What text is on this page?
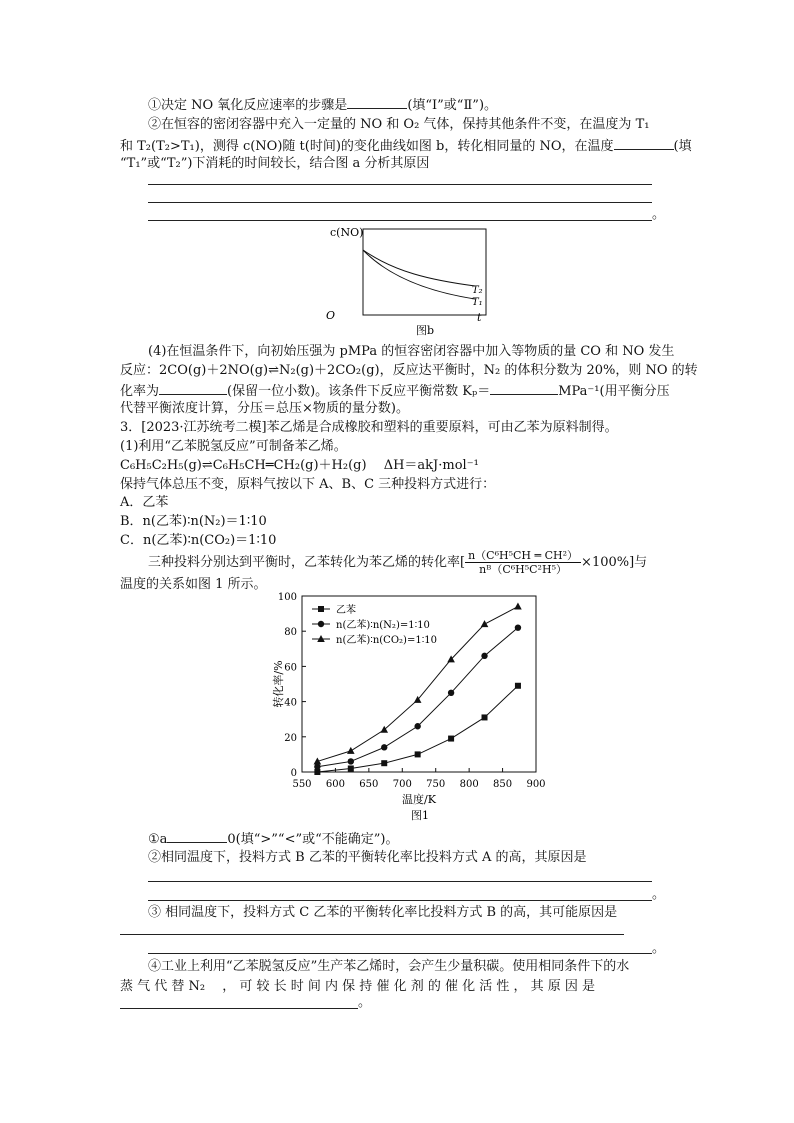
①决定 NO 氧化反应速率的步骤是	(填“Ⅰ”或“Ⅱ”)。
②在恒容的密闭容器中充入一定量的 NO 和 O₂ 气体，保持其他条件不变，在温度为 T₁
和 T₂(T₂>T₁)，测得 c(NO)随 t(时间)的变化曲线如图 b，转化相同量的 NO，在温度	(填
“T₁”或“T₂”)下消耗的时间较长，结合图 a 分析其原因
。
c(NO)
t
O
T₂
T₁
图b
(4)在恒温条件下，向初始压强为 pMPa 的恒容密闭容器中加入等物质的量 CO 和 NO 发生
反应：2CO(g)＋2NO(g)⇌N₂(g)＋2CO₂(g)，反应达平衡时，N₂ 的体积分数为 20%，则 NO 的转
化率为	(保留一位小数)。该条件下反应平衡常数 Kₚ＝	MPa⁻¹(用平衡分压
代替平衡浓度计算，分压＝总压×物质的量分数)。
3．[2023·江苏统考二模]苯乙烯是合成橡胶和塑料的重要原料，可由乙苯为原料制得。
(1)利用“乙苯脱氢反应”可制备苯乙烯。
C₆H₅C₂H₅(g)⇌C₆H₅CH═CH₂(g)＋H₂(g)　 ΔH＝akJ·mol⁻¹
保持气体总压不变，原料气按以下 A、B、C 三种投料方式进行：
A．乙苯
B．n(乙苯)∶n(N₂)＝1∶10
C．n(乙苯)∶n(CO₂)＝1∶10
三种投料分别达到平衡时，乙苯转化为苯乙烯的转化率[ $\frac{\text{n（C⁶H⁵CH ═ CH²）}}{\text{nᴮ（C⁶H⁵C²H⁵）}} \times 100\%$]与
温度的关系如图 1 所示。
550 600 650 700 750 800 850 900
0
20
40
60
80
100
温度/K
转化率/%
图1
乙苯
n(乙苯)∶n(N₂)=1∶10
n(乙苯)∶n(CO₂)=1∶10
①a	0(填“>”“<”或“不能确定”)。
②相同温度下，投料方式 B 乙苯的平衡转化率比投料方式 A 的高，其原因是
。
③ 相同温度下，投料方式 C 乙苯的平衡转化率比投料方式 B 的高，其可能原因是
。
④工业上利用“乙苯脱氢反应”生产苯乙烯时，会产生少量积碳。使用相同条件下的水
蒸 气 代 替 N₂　 ， 可 较 长 时 间 内 保 持 催 化 剂 的 催 化 活 性 ， 其 原 因 是
。
